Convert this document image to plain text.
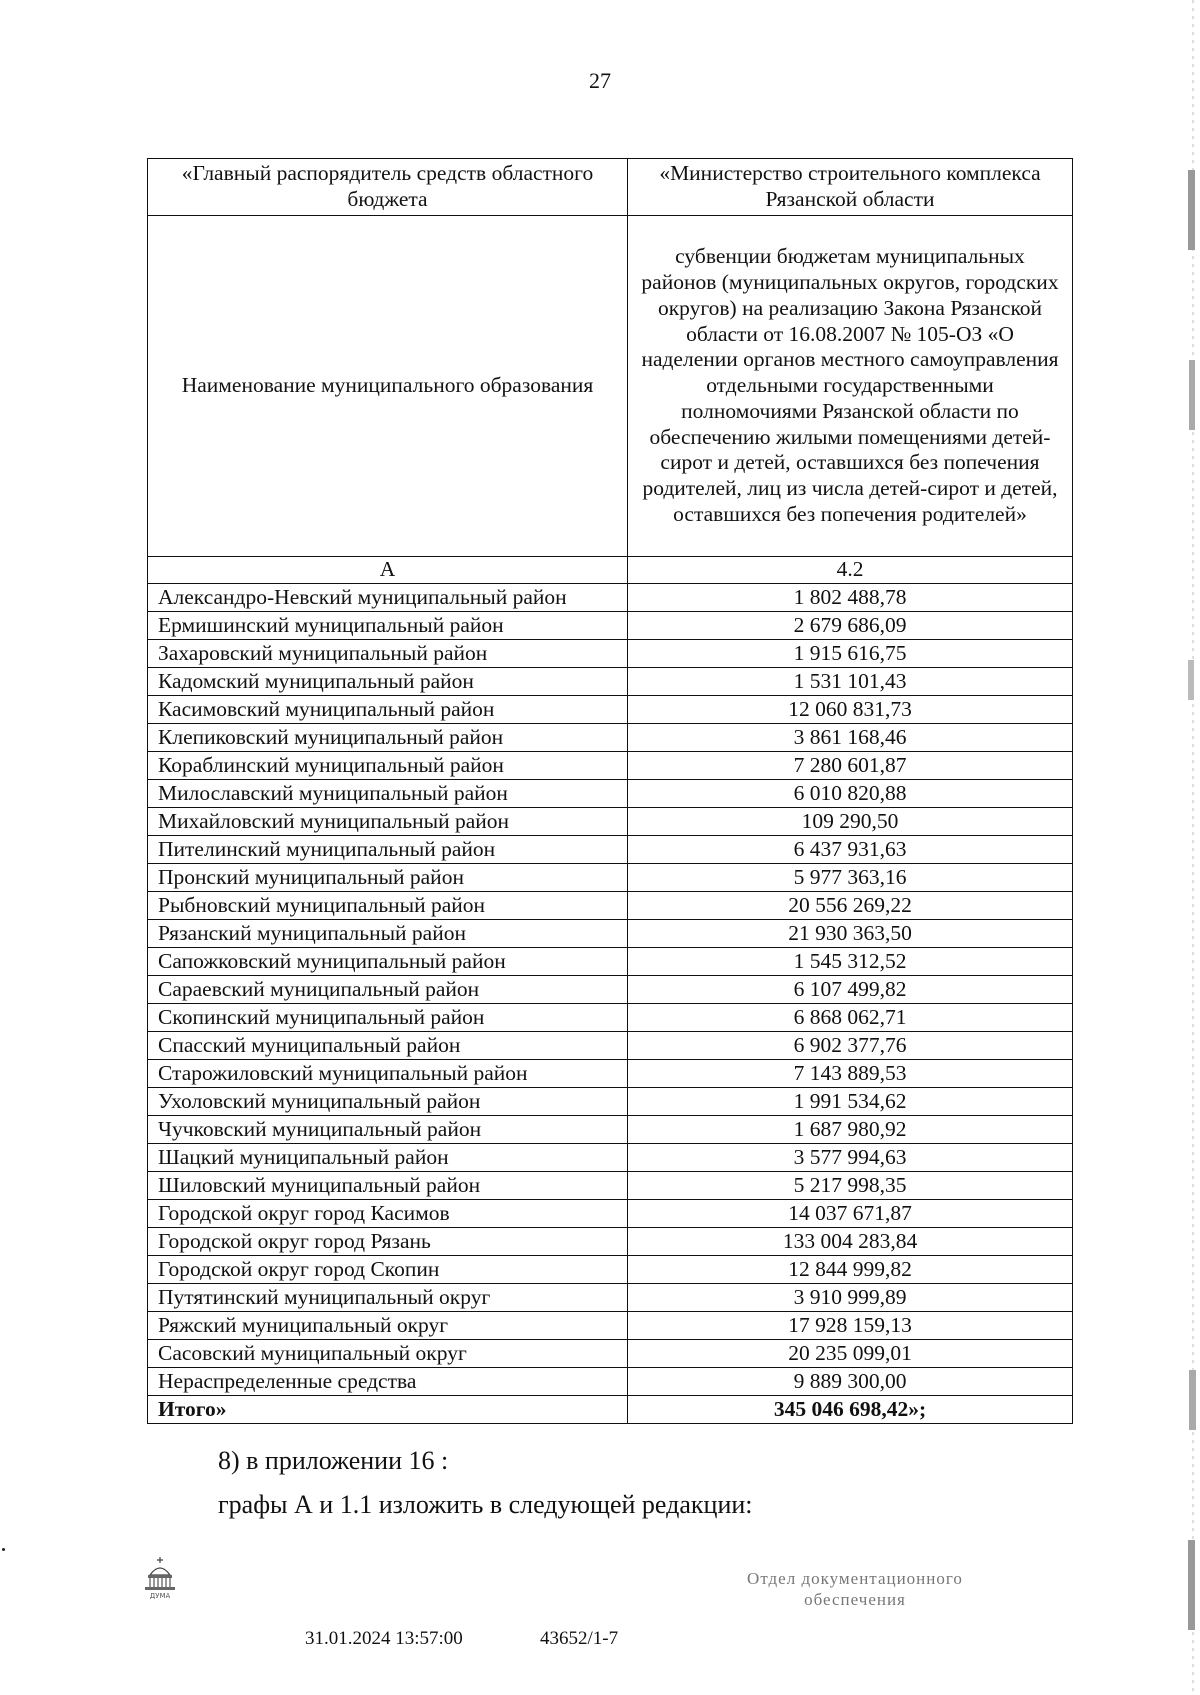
27
«Главный распорядитель средств областного бюджета	«Министерство строительного комплекса Рязанской области
Наименование муниципального образования	субвенции бюджетам муниципальных районов (муниципальных округов, городских округов) на реализацию Закона Рязанской области от 16.08.2007 № 105-ОЗ «О наделении органов местного самоуправления отдельными государственными полномочиями Рязанской области по обеспечению жилыми помещениями детей-сирот и детей, оставшихся без попечения родителей, лиц из числа детей-сирот и детей, оставшихся без попечения родителей»
А	4.2
Александро-Невский муниципальный район	1 802 488,78
Ермишинский муниципальный район	2 679 686,09
Захаровский муниципальный район	1 915 616,75
Кадомский муниципальный район	1 531 101,43
Касимовский муниципальный район	12 060 831,73
Клепиковский муниципальный район	3 861 168,46
Кораблинский муниципальный район	7 280 601,87
Милославский муниципальный район	6 010 820,88
Михайловский муниципальный район	109 290,50
Пителинский муниципальный район	6 437 931,63
Пронский муниципальный район	5 977 363,16
Рыбновский муниципальный район	20 556 269,22
Рязанский муниципальный район	21 930 363,50
Сапожковский муниципальный район	1 545 312,52
Сараевский муниципальный район	6 107 499,82
Скопинский муниципальный район	6 868 062,71
Спасский муниципальный район	6 902 377,76
Старожиловский муниципальный район	7 143 889,53
Ухоловский муниципальный район	1 991 534,62
Чучковский муниципальный район	1 687 980,92
Шацкий муниципальный район	3 577 994,63
Шиловский муниципальный район	5 217 998,35
Городской округ город Касимов	14 037 671,87
Городской округ город Рязань	133 004 283,84
Городской округ город Скопин	12 844 999,82
Путятинский муниципальный округ	3 910 999,89
Ряжский муниципальный округ	17 928 159,13
Сасовский муниципальный округ	20 235 099,01
Нераспределенные средства	9 889 300,00
Итого»	345 046 698,42»;
8) в приложении 16 :
графы А и 1.1 изложить в следующей редакции:
ДУМА
31.01.2024 13:57:00	43652/1-7
Отдел документационного
обеспечения
